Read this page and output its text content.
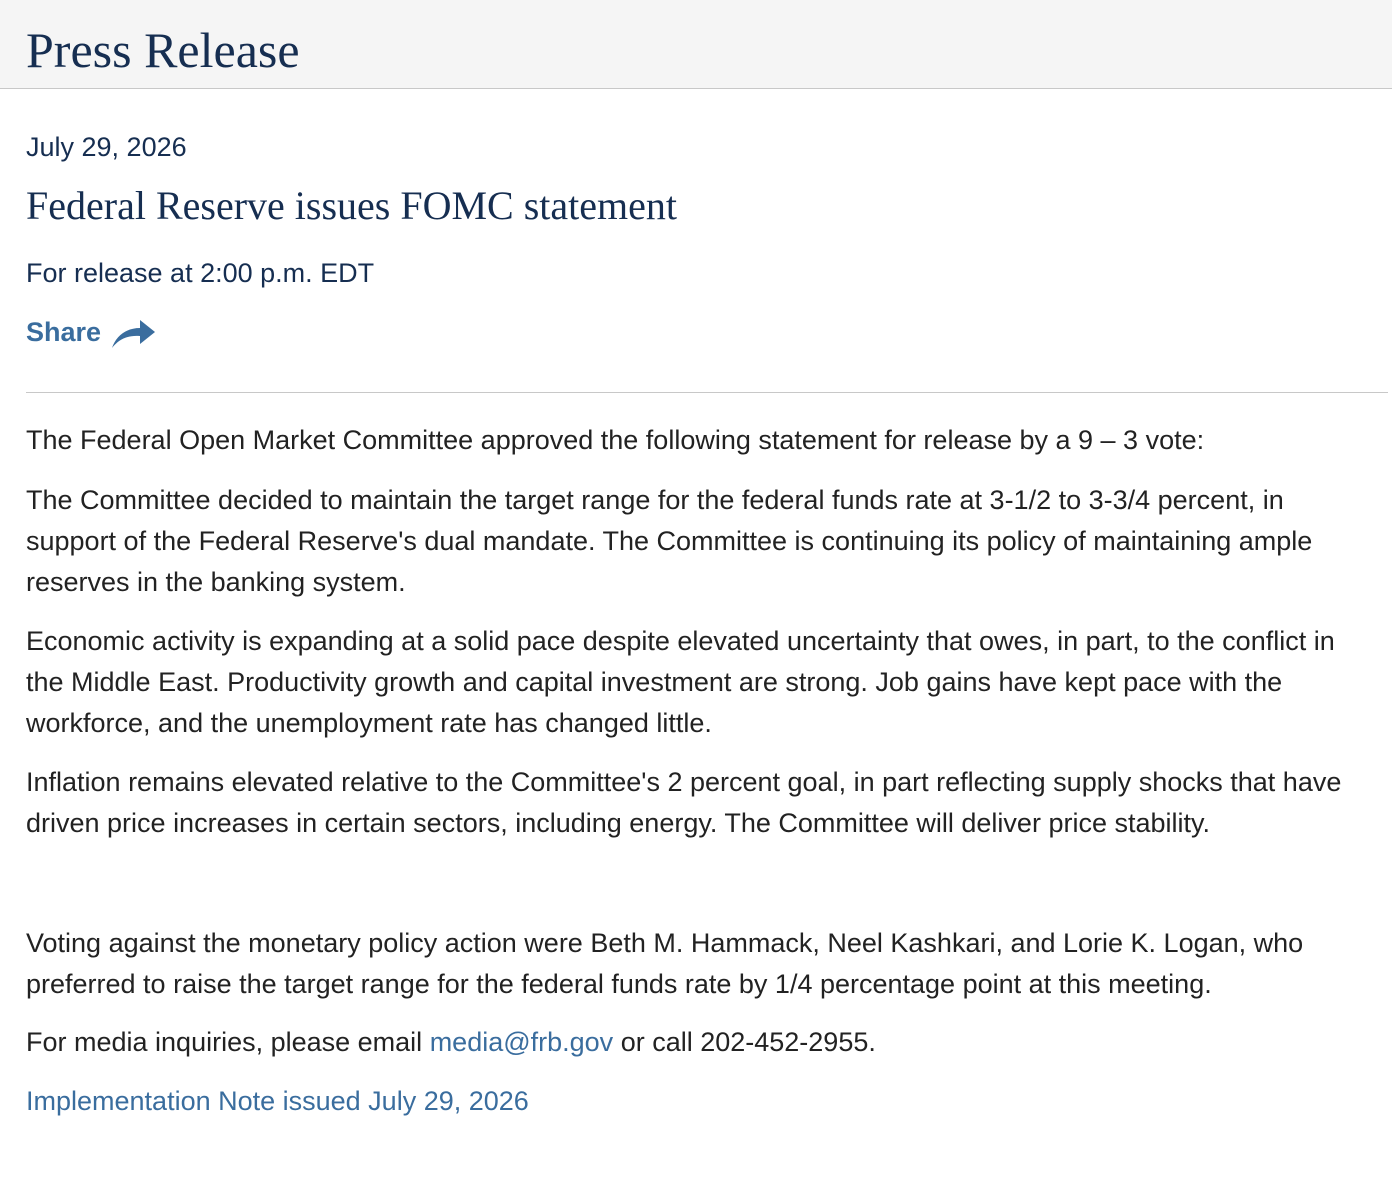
Press Release

July 29, 2026

Federal Reserve issues FOMC statement

For release at 2:00 p.m. EDT

Share

The Federal Open Market Committee approved the following statement for release by a 9 – 3 vote:

The Committee decided to maintain the target range for the federal funds rate at 3-1/2 to 3-3/4 percent, in support of the Federal Reserve's dual mandate. The Committee is continuing its policy of maintaining ample reserves in the banking system.

Economic activity is expanding at a solid pace despite elevated uncertainty that owes, in part, to the conflict in the Middle East. Productivity growth and capital investment are strong. Job gains have kept pace with the workforce, and the unemployment rate has changed little.

Inflation remains elevated relative to the Committee's 2 percent goal, in part reflecting supply shocks that have driven price increases in certain sectors, including energy. The Committee will deliver price stability.

Voting against the monetary policy action were Beth M. Hammack, Neel Kashkari, and Lorie K. Logan, who preferred to raise the target range for the federal funds rate by 1/4 percentage point at this meeting.

For media inquiries, please email media@frb.gov or call 202-452-2955.

Implementation Note issued July 29, 2026
